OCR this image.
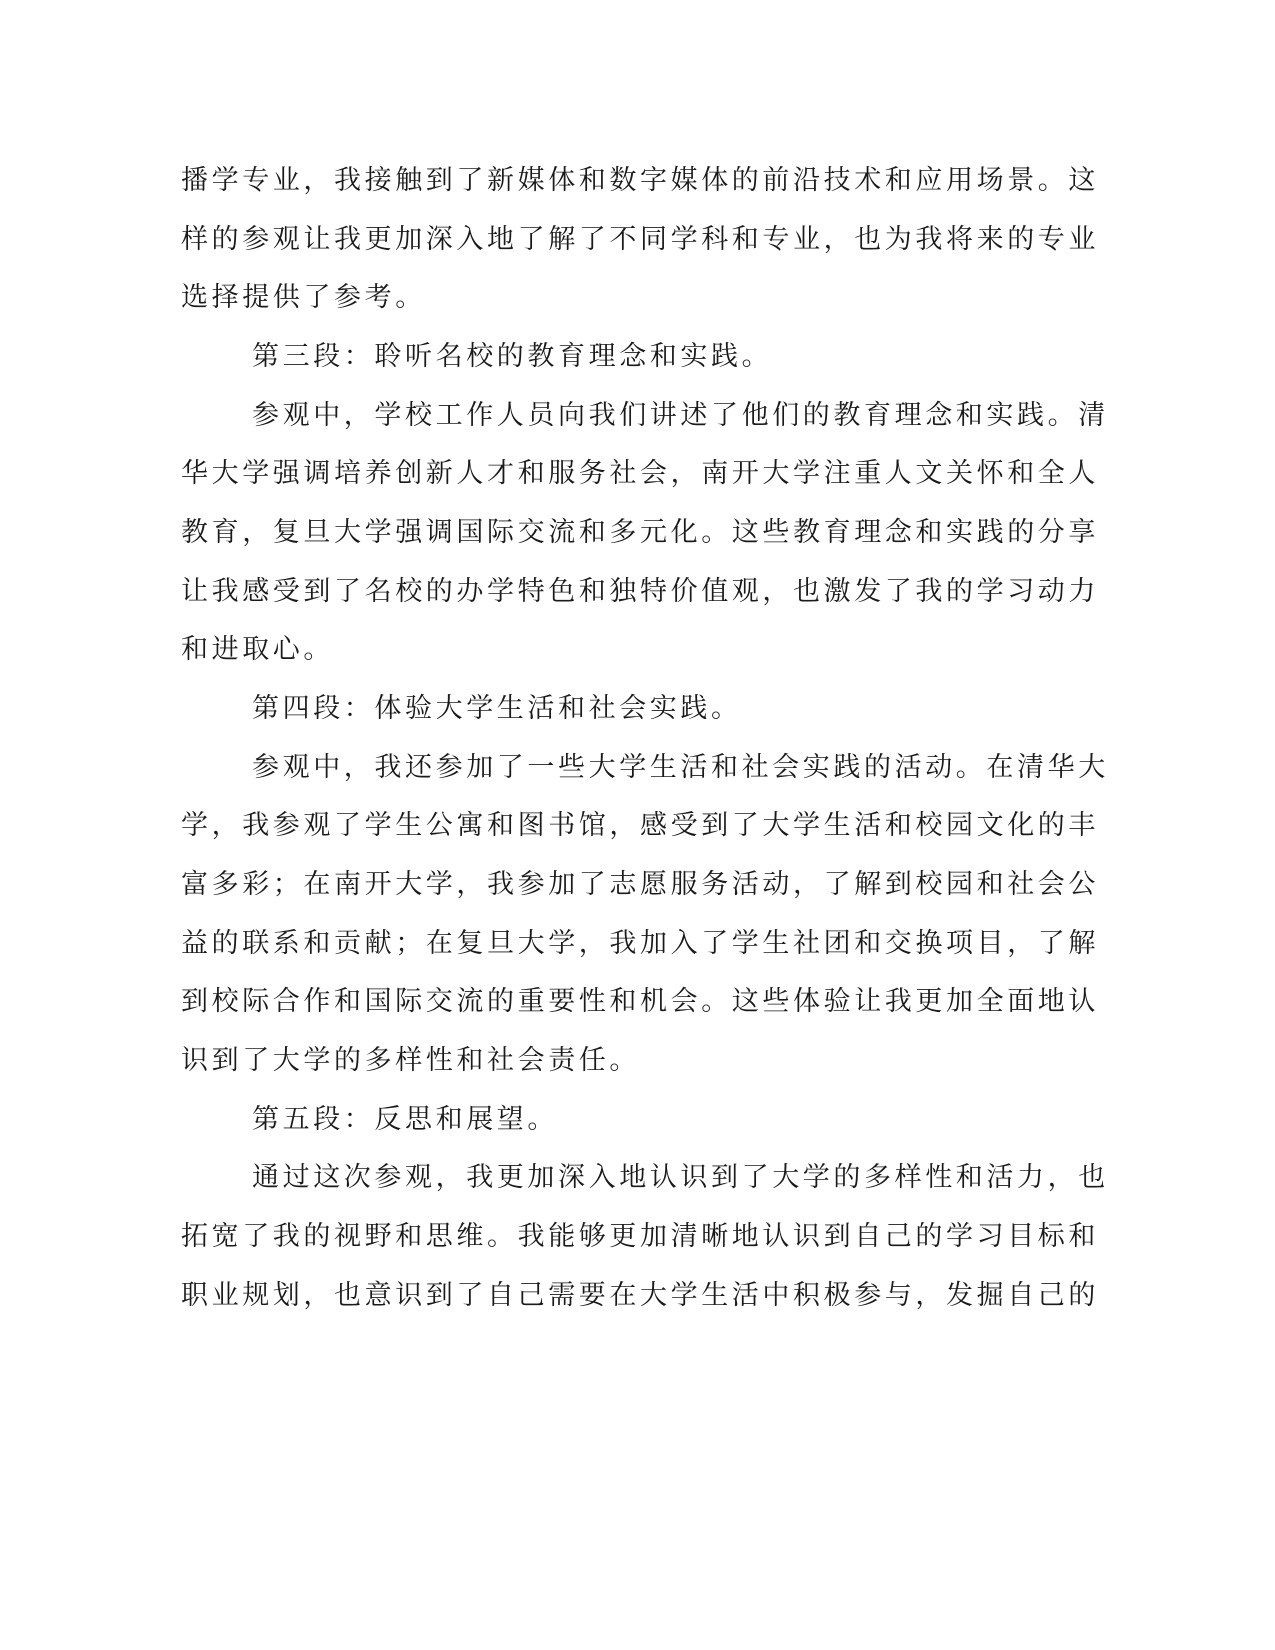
播学专业，我接触到了新媒体和数字媒体的前沿技术和应用场景。这
样的参观让我更加深入地了解了不同学科和专业，也为我将来的专业
选择提供了参考。
第三段：聆听名校的教育理念和实践。
参观中，学校工作人员向我们讲述了他们的教育理念和实践。清
华大学强调培养创新人才和服务社会，南开大学注重人文关怀和全人
教育，复旦大学强调国际交流和多元化。这些教育理念和实践的分享
让我感受到了名校的办学特色和独特价值观，也激发了我的学习动力
和进取心。
第四段：体验大学生活和社会实践。
参观中，我还参加了一些大学生活和社会实践的活动。在清华大
学，我参观了学生公寓和图书馆，感受到了大学生活和校园文化的丰
富多彩；在南开大学，我参加了志愿服务活动，了解到校园和社会公
益的联系和贡献；在复旦大学，我加入了学生社团和交换项目，了解
到校际合作和国际交流的重要性和机会。这些体验让我更加全面地认
识到了大学的多样性和社会责任。
第五段：反思和展望。
通过这次参观，我更加深入地认识到了大学的多样性和活力，也
拓宽了我的视野和思维。我能够更加清晰地认识到自己的学习目标和
职业规划，也意识到了自己需要在大学生活中积极参与，发掘自己的
